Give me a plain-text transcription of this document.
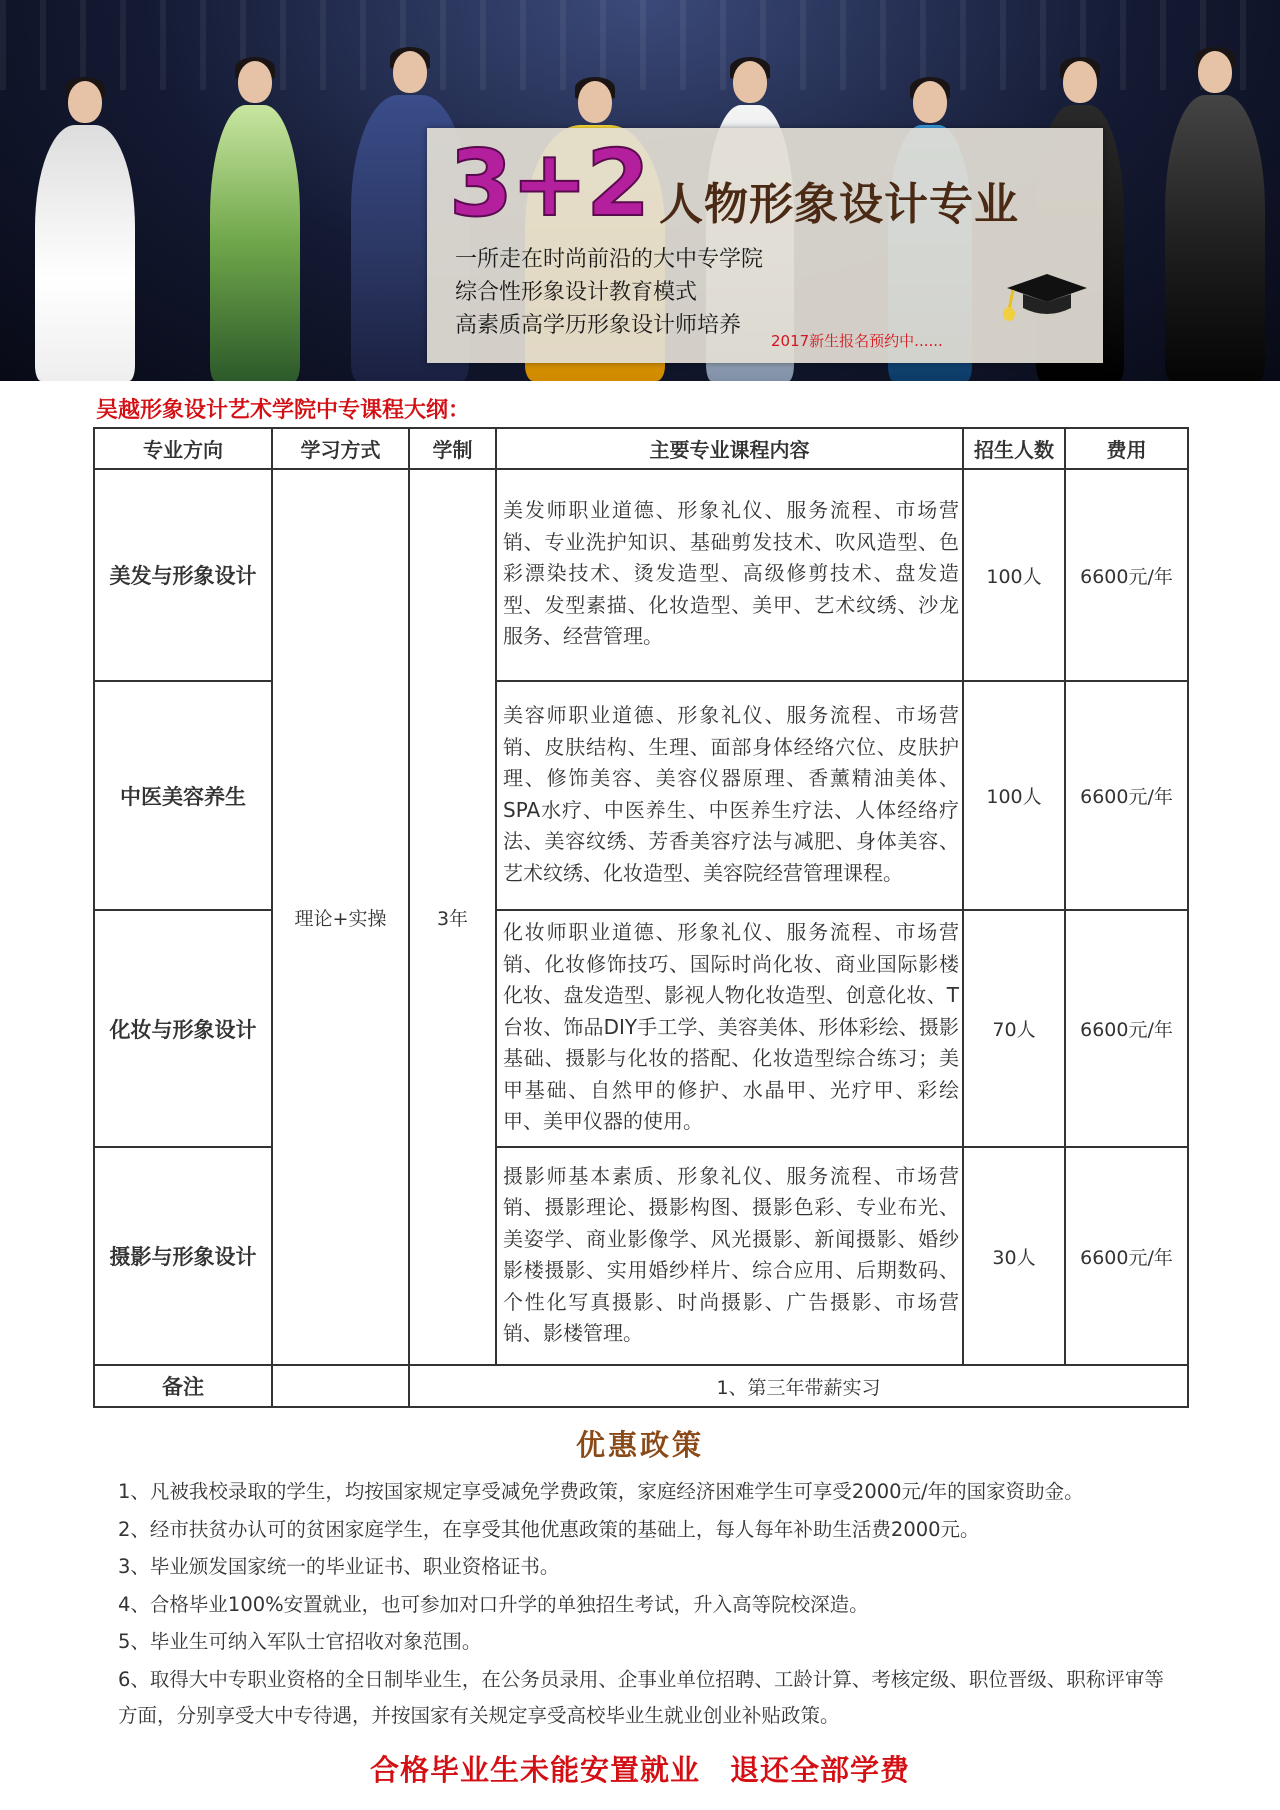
3+2 人物形象设计专业
一所走在时尚前沿的大中专学院
综合性形象设计教育模式
高素质高学历形象设计师培养
2017新生报名预约中......
吴越形象设计艺术学院中专课程大纲：
专业方向	学习方式	学制	主要专业课程内容	招生人数	费用
美发与形象设计	理论+实操	3年	美发师职业道德、形象礼仪、服务流程、市场营销、专业洗护知识、基础剪发技术、吹风造型、色彩漂染技术、烫发造型、高级修剪技术、盘发造型、发型素描、化妆造型、美甲、艺术纹绣、沙龙服务、经营管理。	100人	6600元/年
中医美容养生			美容师职业道德、形象礼仪、服务流程、市场营销、皮肤结构、生理、面部身体经络穴位、皮肤护理、修饰美容、美容仪器原理、香薰精油美体、SPA水疗、中医养生、中医养生疗法、人体经络疗法、美容纹绣、芳香美容疗法与减肥、身体美容、艺术纹绣、化妆造型、美容院经营管理课程。	100人	6600元/年
化妆与形象设计			化妆师职业道德、形象礼仪、服务流程、市场营销、化妆修饰技巧、国际时尚化妆、商业国际影楼化妆、盘发造型、影视人物化妆造型、创意化妆、T台妆、饰品DIY手工学、美容美体、形体彩绘、摄影基础、摄影与化妆的搭配、化妆造型综合练习；美甲基础、自然甲的修护、水晶甲、光疗甲、彩绘甲、美甲仪器的使用。	70人	6600元/年
摄影与形象设计			摄影师基本素质、形象礼仪、服务流程、市场营销、摄影理论、摄影构图、摄影色彩、专业布光、美姿学、商业影像学、风光摄影、新闻摄影、婚纱影楼摄影、实用婚纱样片、综合应用、后期数码、个性化写真摄影、时尚摄影、广告摄影、市场营销、影楼管理。	30人	6600元/年
备注		1、第三年带薪实习			
优惠政策
1、凡被我校录取的学生，均按国家规定享受减免学费政策，家庭经济困难学生可享受2000元/年的国家资助金。
2、经市扶贫办认可的贫困家庭学生，在享受其他优惠政策的基础上，每人每年补助生活费2000元。
3、毕业颁发国家统一的毕业证书、职业资格证书。
4、合格毕业100%安置就业，也可参加对口升学的单独招生考试，升入高等院校深造。
5、毕业生可纳入军队士官招收对象范围。
6、取得大中专职业资格的全日制毕业生，在公务员录用、企事业单位招聘、工龄计算、考核定级、职位晋级、职称评审等方面，分别享受大中专待遇，并按国家有关规定享受高校毕业生就业创业补贴政策。
合格毕业生未能安置就业　退还全部学费
